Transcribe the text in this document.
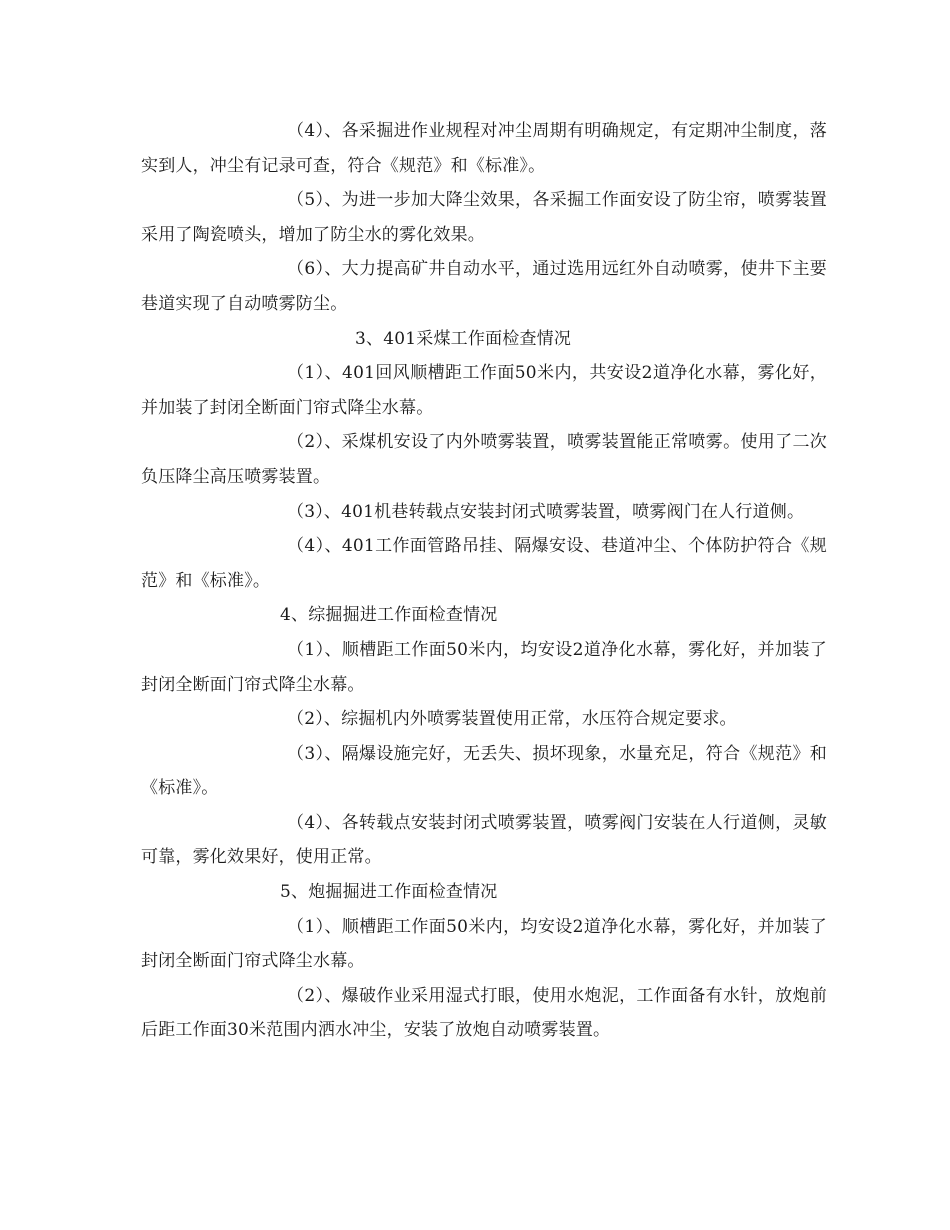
（4）、各采掘进作业规程对冲尘周期有明确规定，有定期冲尘制度，落实到人，冲尘有记录可查，符合《规范》和《标准》。

（5）、为进一步加大降尘效果，各采掘工作面安设了防尘帘，喷雾装置采用了陶瓷喷头，增加了防尘水的雾化效果。

（6）、大力提高矿井自动水平，通过选用远红外自动喷雾，使井下主要巷道实现了自动喷雾防尘。

3、401采煤工作面检查情况

（1）、401回风顺槽距工作面50米内，共安设2道净化水幕，雾化好，并加装了封闭全断面门帘式降尘水幕。

（2）、采煤机安设了内外喷雾装置，喷雾装置能正常喷雾。使用了二次负压降尘高压喷雾装置。

（3）、401机巷转载点安装封闭式喷雾装置，喷雾阀门在人行道侧。

（4）、401工作面管路吊挂、隔爆安设、巷道冲尘、个体防护符合《规范》和《标准》。

4、综掘掘进工作面检查情况

（1）、顺槽距工作面50米内，均安设2道净化水幕，雾化好，并加装了封闭全断面门帘式降尘水幕。

（2）、综掘机内外喷雾装置使用正常，水压符合规定要求。

（3）、隔爆设施完好，无丢失、损坏现象，水量充足，符合《规范》和《标准》。

（4）、各转载点安装封闭式喷雾装置，喷雾阀门安装在人行道侧，灵敏可靠，雾化效果好，使用正常。

5、炮掘掘进工作面检查情况

（1）、顺槽距工作面50米内，均安设2道净化水幕，雾化好，并加装了封闭全断面门帘式降尘水幕。

（2）、爆破作业采用湿式打眼，使用水炮泥，工作面备有水针，放炮前后距工作面30米范围内洒水冲尘，安装了放炮自动喷雾装置。
